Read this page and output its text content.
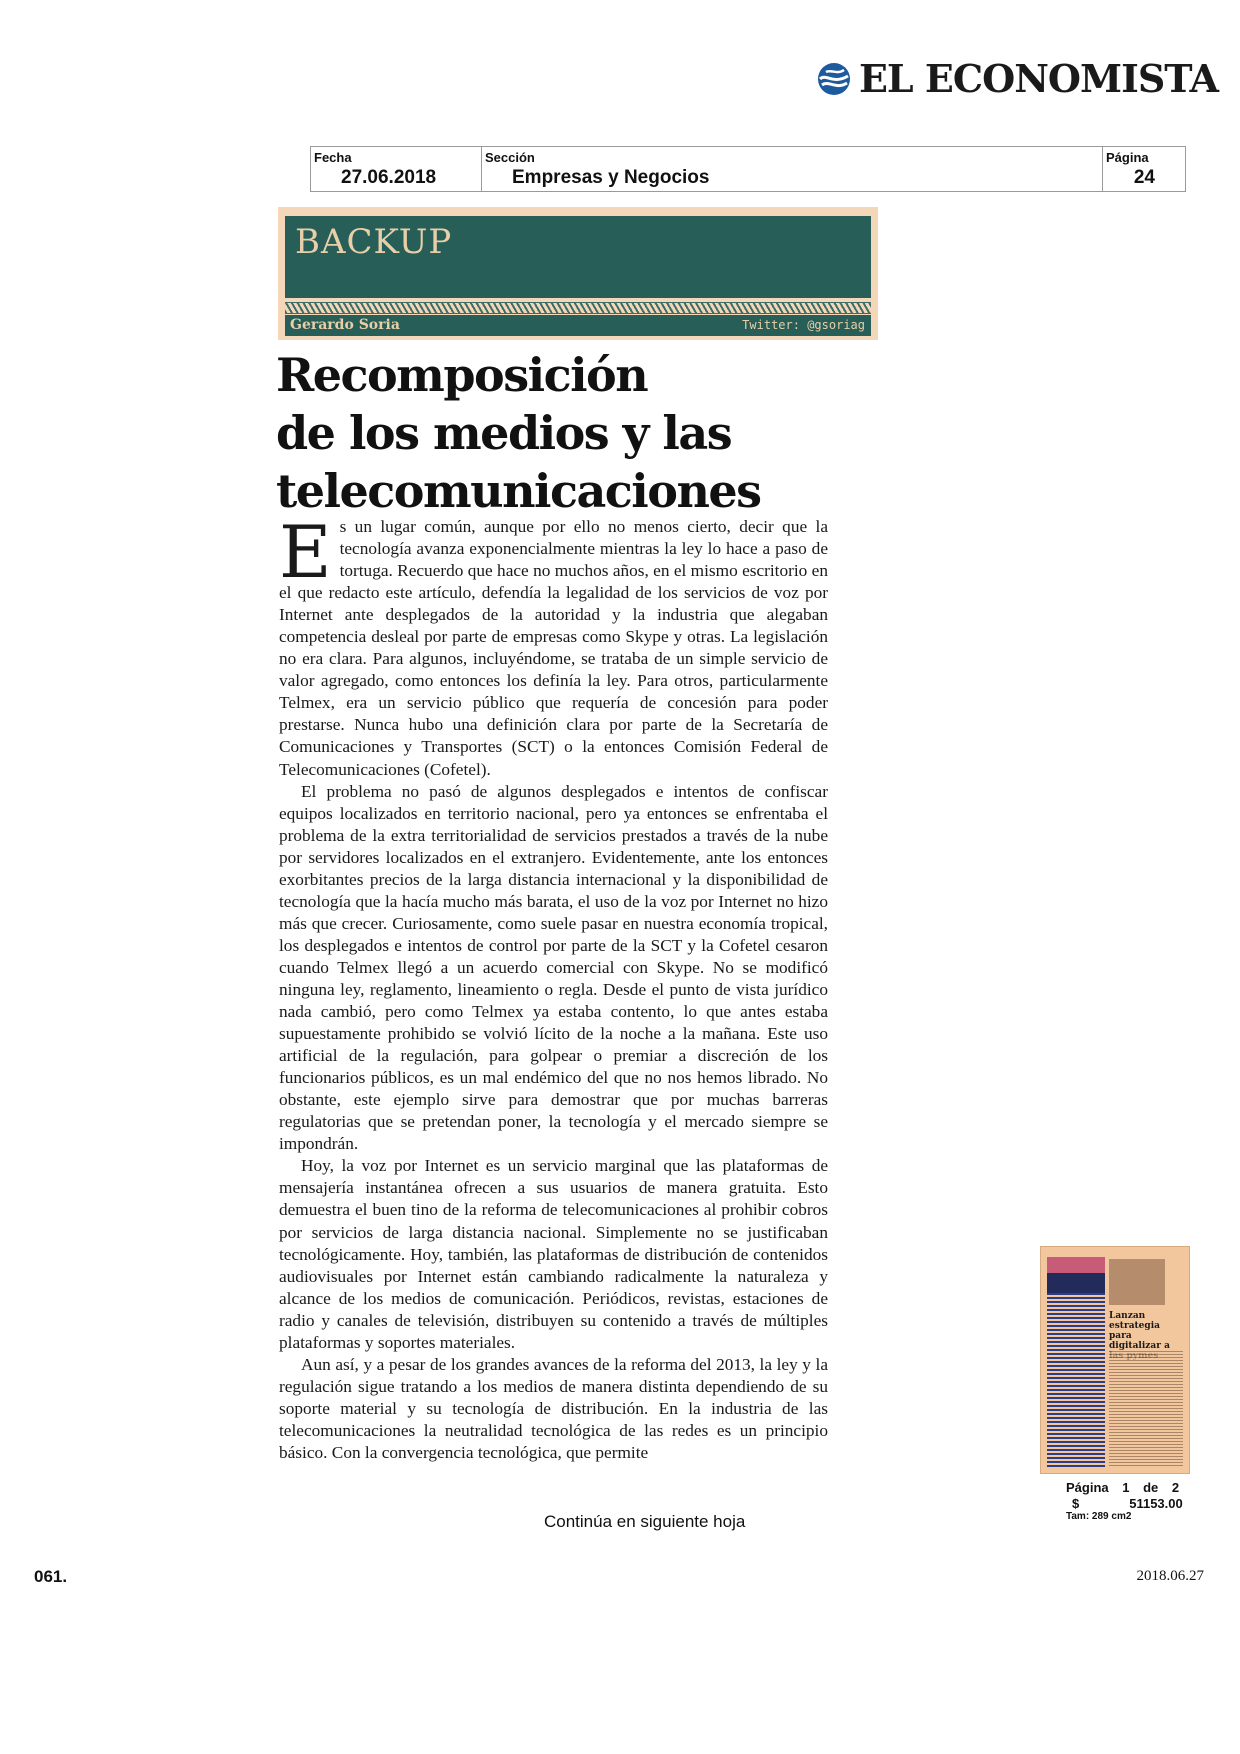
EL ECONOMISTA
Fecha
27.06.2018
Sección
Empresas y Negocios
Página
24
BACKUP
Gerardo Soria	Twitter: @gsoriag
Recomposición
de los medios y las
telecomunicaciones

Es un lugar común, aunque por ello no menos cierto, decir que la tecnología avanza exponencialmente mientras la ley lo hace a paso de tortuga. Recuerdo que hace no muchos años, en el mismo escritorio en el que redacto este artículo, defendía la legalidad de los servicios de voz por Internet ante desplegados de la autoridad y la industria que alegaban competencia desleal por parte de empresas como Skype y otras. La legislación no era clara. Para algunos, incluyéndome, se trataba de un simple servicio de valor agregado, como entonces los definía la ley. Para otros, particularmente Telmex, era un servicio público que requería de concesión para poder prestarse. Nunca hubo una definición clara por parte de la Secretaría de Comunicaciones y Transportes (SCT) o la entonces Comisión Federal de Telecomunicaciones (Cofetel).

El problema no pasó de algunos desplegados e intentos de confiscar equipos localizados en territorio nacional, pero ya entonces se enfrentaba el problema de la extra territorialidad de servicios prestados a través de la nube por servidores localizados en el extranjero. Evidentemente, ante los entonces exorbitantes precios de la larga distancia internacional y la disponibilidad de tecnología que la hacía mucho más barata, el uso de la voz por Internet no hizo más que crecer. Curiosamente, como suele pasar en nuestra economía tropical, los desplegados e intentos de control por parte de la SCT y la Cofetel cesaron cuando Telmex llegó a un acuerdo comercial con Skype. No se modificó ninguna ley, reglamento, lineamiento o regla. Desde el punto de vista jurídico nada cambió, pero como Telmex ya estaba contento, lo que antes estaba supuestamente prohibido se volvió lícito de la noche a la mañana. Este uso artificial de la regulación, para golpear o premiar a discreción de los funcionarios públicos, es un mal endémico del que no nos hemos librado. No obstante, este ejemplo sirve para demostrar que por muchas barreras regulatorias que se pretendan poner, la tecnología y el mercado siempre se impondrán.

Hoy, la voz por Internet es un servicio marginal que las plataformas de mensajería instantánea ofrecen a sus usuarios de manera gratuita. Esto demuestra el buen tino de la reforma de telecomunicaciones al prohibir cobros por servicios de larga distancia nacional. Simplemente no se justificaban tecnológicamente. Hoy, también, las plataformas de distribución de contenidos audiovisuales por Internet están cambiando radicalmente la naturaleza y alcance de los medios de comunicación. Periódicos, revistas, estaciones de radio y canales de televisión, distribuyen su contenido a través de múltiples plataformas y soportes materiales.

Aun así, y a pesar de los grandes avances de la reforma del 2013, la ley y la regulación sigue tratando a los medios de manera distinta dependiendo de su soporte material y su tecnología de distribución. En la industria de las telecomunicaciones la neutralidad tecnológica de las redes es un principio básico. Con la convergencia tecnológica, que permite

Continúa en siguiente hoja
Lanzan estrategia para digitalizar a
Página 1 de 2
$	51153.00
Tam: 289 cm2
061.	2018.06.27
